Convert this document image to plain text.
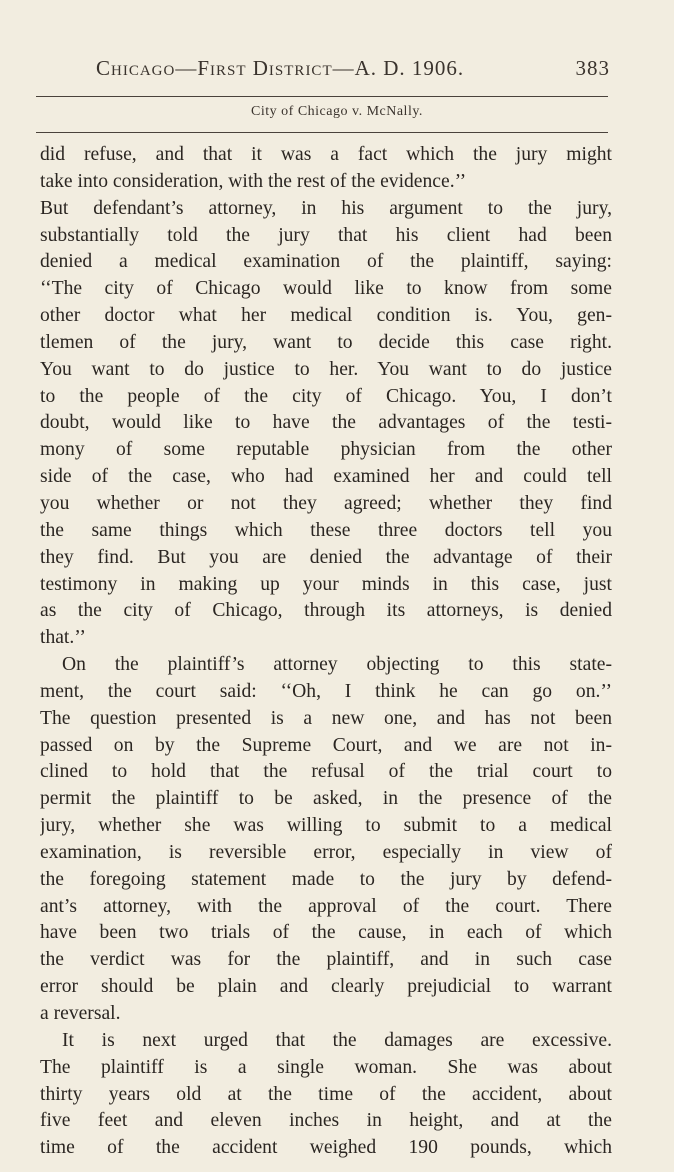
Chicago—First District—A. D. 1906.	383
City of Chicago v. McNally.
did refuse, and that it was a fact which the jury might
take into consideration, with the rest of the evidence.’’
But defendant’s attorney, in his argument to the jury,
substantially told the jury that his client had been
denied a medical examination of the plaintiff, saying:
‘‘The city of Chicago would like to know from some
other doctor what her medical condition is. You, gen-
tlemen of the jury, want to decide this case right.
You want to do justice to her. You want to do justice
to the people of the city of Chicago. You, I don’t
doubt, would like to have the advantages of the testi-
mony of some reputable physician from the other
side of the case, who had examined her and could tell
you whether or not they agreed; whether they find
the same things which these three doctors tell you
they find. But you are denied the advantage of their
testimony in making up your minds in this case, just
as the city of Chicago, through its attorneys, is denied
that.’’
On the plaintiff’s attorney objecting to this state-
ment, the court said: ‘‘Oh, I think he can go on.’’
The question presented is a new one, and has not been
passed on by the Supreme Court, and we are not in-
clined to hold that the refusal of the trial court to
permit the plaintiff to be asked, in the presence of the
jury, whether she was willing to submit to a medical
examination, is reversible error, especially in view of
the foregoing statement made to the jury by defend-
ant’s attorney, with the approval of the court. There
have been two trials of the cause, in each of which
the verdict was for the plaintiff, and in such case
error should be plain and clearly prejudicial to warrant
a reversal.
It is next urged that the damages are excessive.
The plaintiff is a single woman. She was about
thirty years old at the time of the accident, about
five feet and eleven inches in height, and at the
time of the accident weighed 190 pounds, which
